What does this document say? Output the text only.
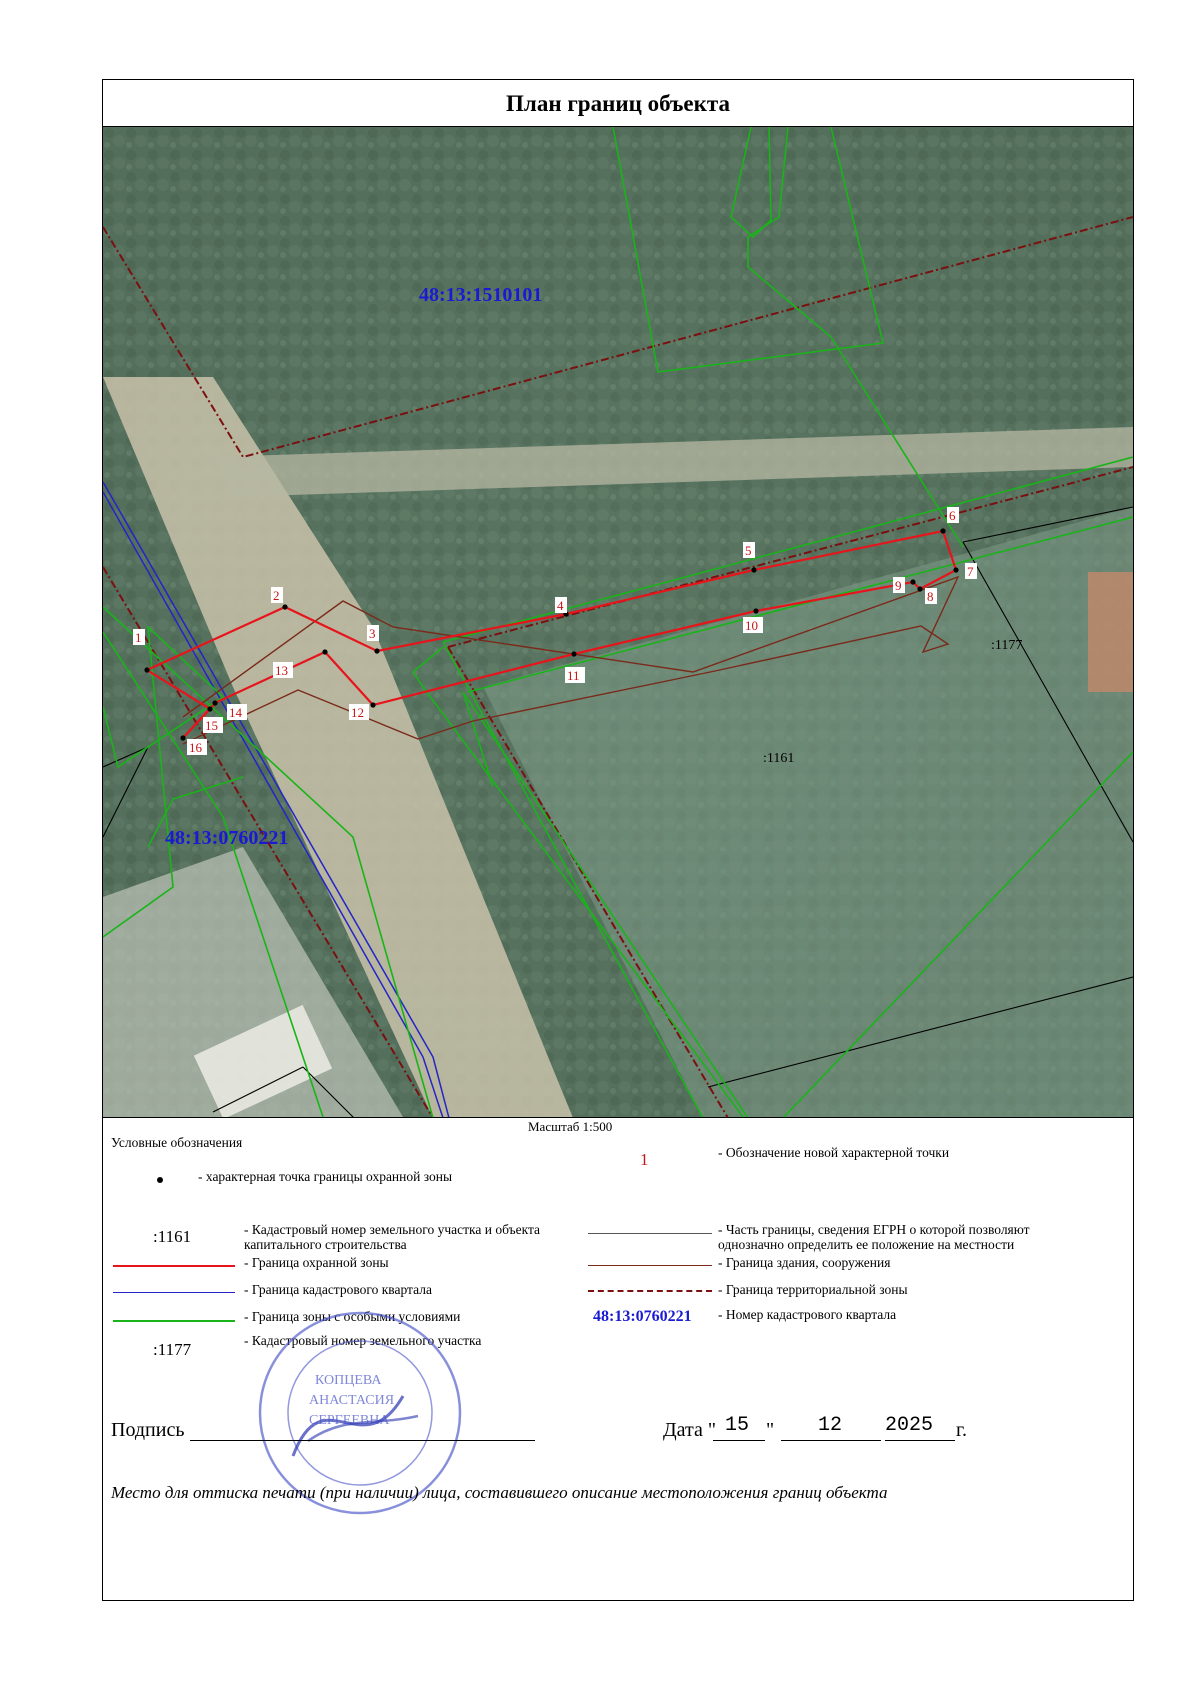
План границ объекта
1
2
3
4
5
6
7
8
9
10
11
12
13
14
15
16
48:13:1510101
48:13:0760221
:1161
:1177
Масштаб 1:500
Условные обозначения
- характерная точка границы охранной зоны
1	- Обозначение новой характерной точки
:1161	- Кадастровый номер земельного участка и объекта капитального строительства
- Граница охранной зоны
- Граница кадастрового квартала
- Граница зоны с особыми условиями
:1177	- Кадастровый номер земельного участка
- Часть границы, сведения ЕГРН о которой позволяют однозначно определить ее положение на местности
- Граница здания, сооружения
- Граница территориальной зоны
48:13:0760221 - Номер кадастрового квартала
КОПЦЕВА
АНАСТАСИЯ
СЕРГЕЕВНА
Подпись	Дата " 15 " 12 2025 г.
Место для оттиска печати (при наличии) лица, составившего описание местоположения границ объекта
